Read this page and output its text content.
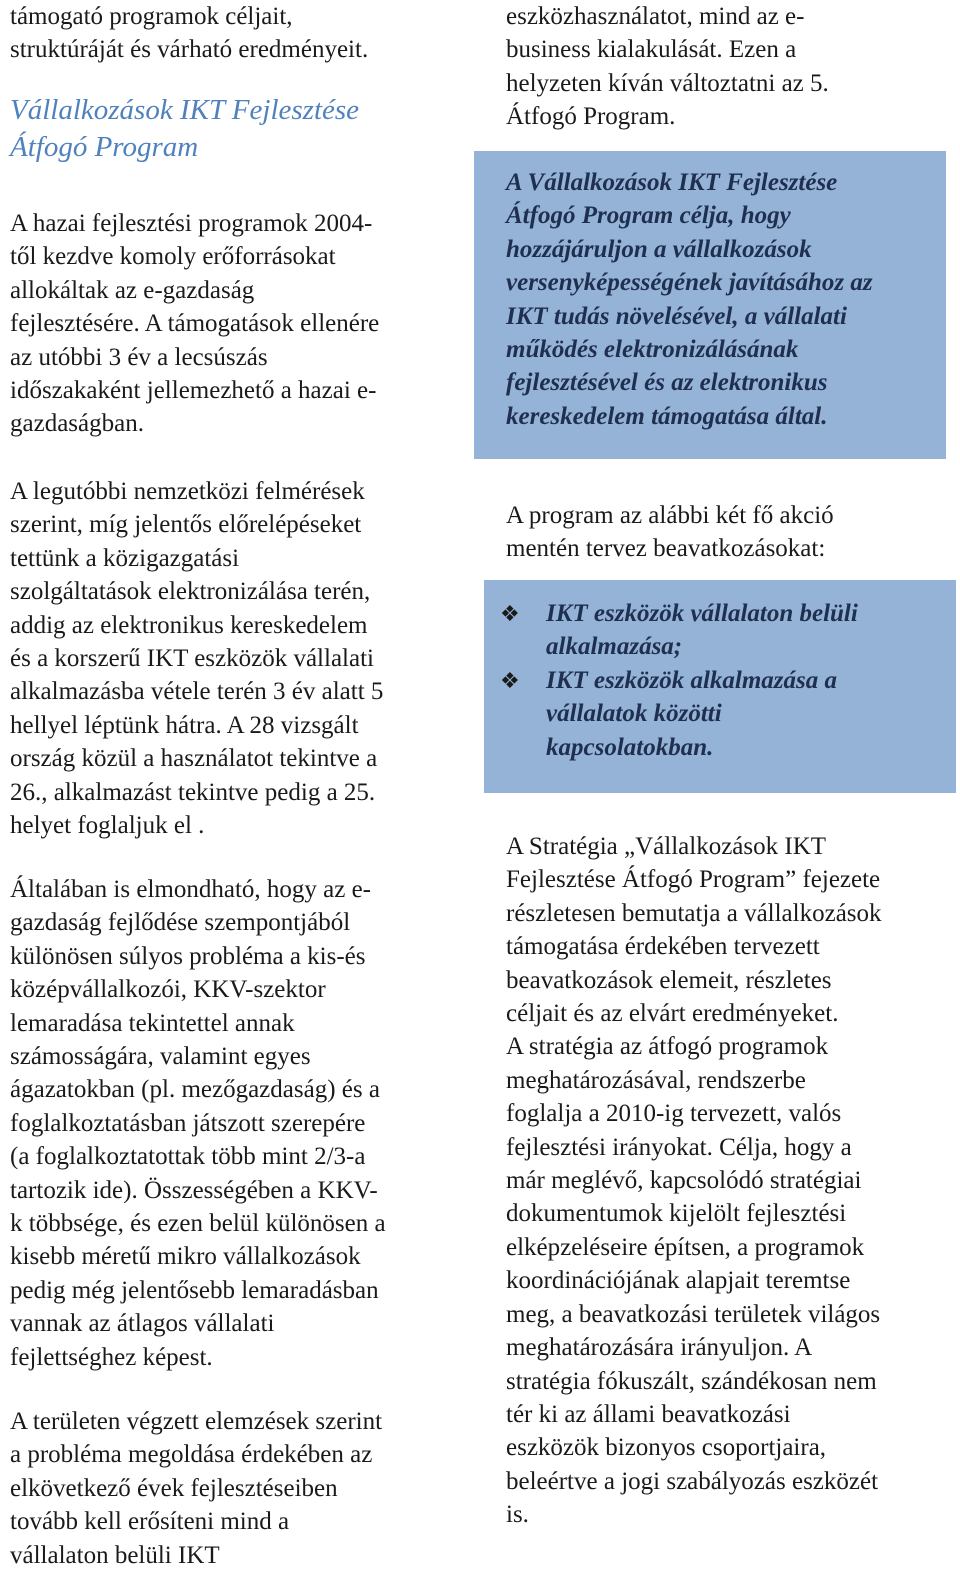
támogató programok céljait,
struktúráját és várható eredményeit.
Vállalkozások IKT Fejlesztése
Átfogó Program
A hazai fejlesztési programok 2004-
től kezdve komoly erőforrásokat
allokáltak az e-gazdaság
fejlesztésére. A támogatások ellenére
az utóbbi 3 év a lecsúszás
időszakaként jellemezhető a hazai e-
gazdaságban.
A legutóbbi nemzetközi felmérések
szerint, míg jelentős előrelépéseket
tettünk a közigazgatási
szolgáltatások elektronizálása terén,
addig az elektronikus kereskedelem
és a korszerű IKT eszközök vállalati
alkalmazásba vétele terén 3 év alatt 5
hellyel léptünk hátra. A 28 vizsgált
ország közül a használatot tekintve a
26., alkalmazást tekintve pedig a 25.
helyet foglaljuk el .
Általában is elmondható, hogy az e-
gazdaság fejlődése szempontjából
különösen súlyos probléma a kis-és
középvállalkozói, KKV-szektor
lemaradása tekintettel annak
számosságára, valamint egyes
ágazatokban (pl. mezőgazdaság) és a
foglalkoztatásban játszott szerepére
(a foglalkoztatottak több mint 2/3-a
tartozik ide). Összességében a KKV-
k többsége, és ezen belül különösen a
kisebb méretű mikro vállalkozások
pedig még jelentősebb lemaradásban
vannak az átlagos vállalati
fejlettséghez képest.
A területen végzett elemzések szerint
a probléma megoldása érdekében az
elkövetkező évek fejlesztéseiben
tovább kell erősíteni mind a
vállalaton belüli IKT
eszközhasználatot, mind az e-
business kialakulását. Ezen a
helyzeten kíván változtatni az 5.
Átfogó Program.
A Vállalkozások IKT Fejlesztése
Átfogó Program célja, hogy
hozzájáruljon a vállalkozások
versenyképességének javításához az
IKT tudás növelésével, a vállalati
működés elektronizálásának
fejlesztésével és az elektronikus
kereskedelem támogatása által.
A program az alábbi két fő akció
mentén tervez beavatkozásokat:
❖ IKT eszközök vállalaton belüli
alkalmazása;
❖ IKT eszközök alkalmazása a
vállalatok közötti
kapcsolatokban.
A Stratégia „Vállalkozások IKT
Fejlesztése Átfogó Program” fejezete
részletesen bemutatja a vállalkozások
támogatása érdekében tervezett
beavatkozások elemeit, részletes
céljait és az elvárt eredményeket.
A stratégia az átfogó programok
meghatározásával, rendszerbe
foglalja a 2010-ig tervezett, valós
fejlesztési irányokat. Célja, hogy a
már meglévő, kapcsolódó stratégiai
dokumentumok kijelölt fejlesztési
elképzeléseire építsen, a programok
koordinációjának alapjait teremtse
meg, a beavatkozási területek világos
meghatározására irányuljon. A
stratégia fókuszált, szándékosan nem
tér ki az állami beavatkozási
eszközök bizonyos csoportjaira,
beleértve a jogi szabályozás eszközét
is.
